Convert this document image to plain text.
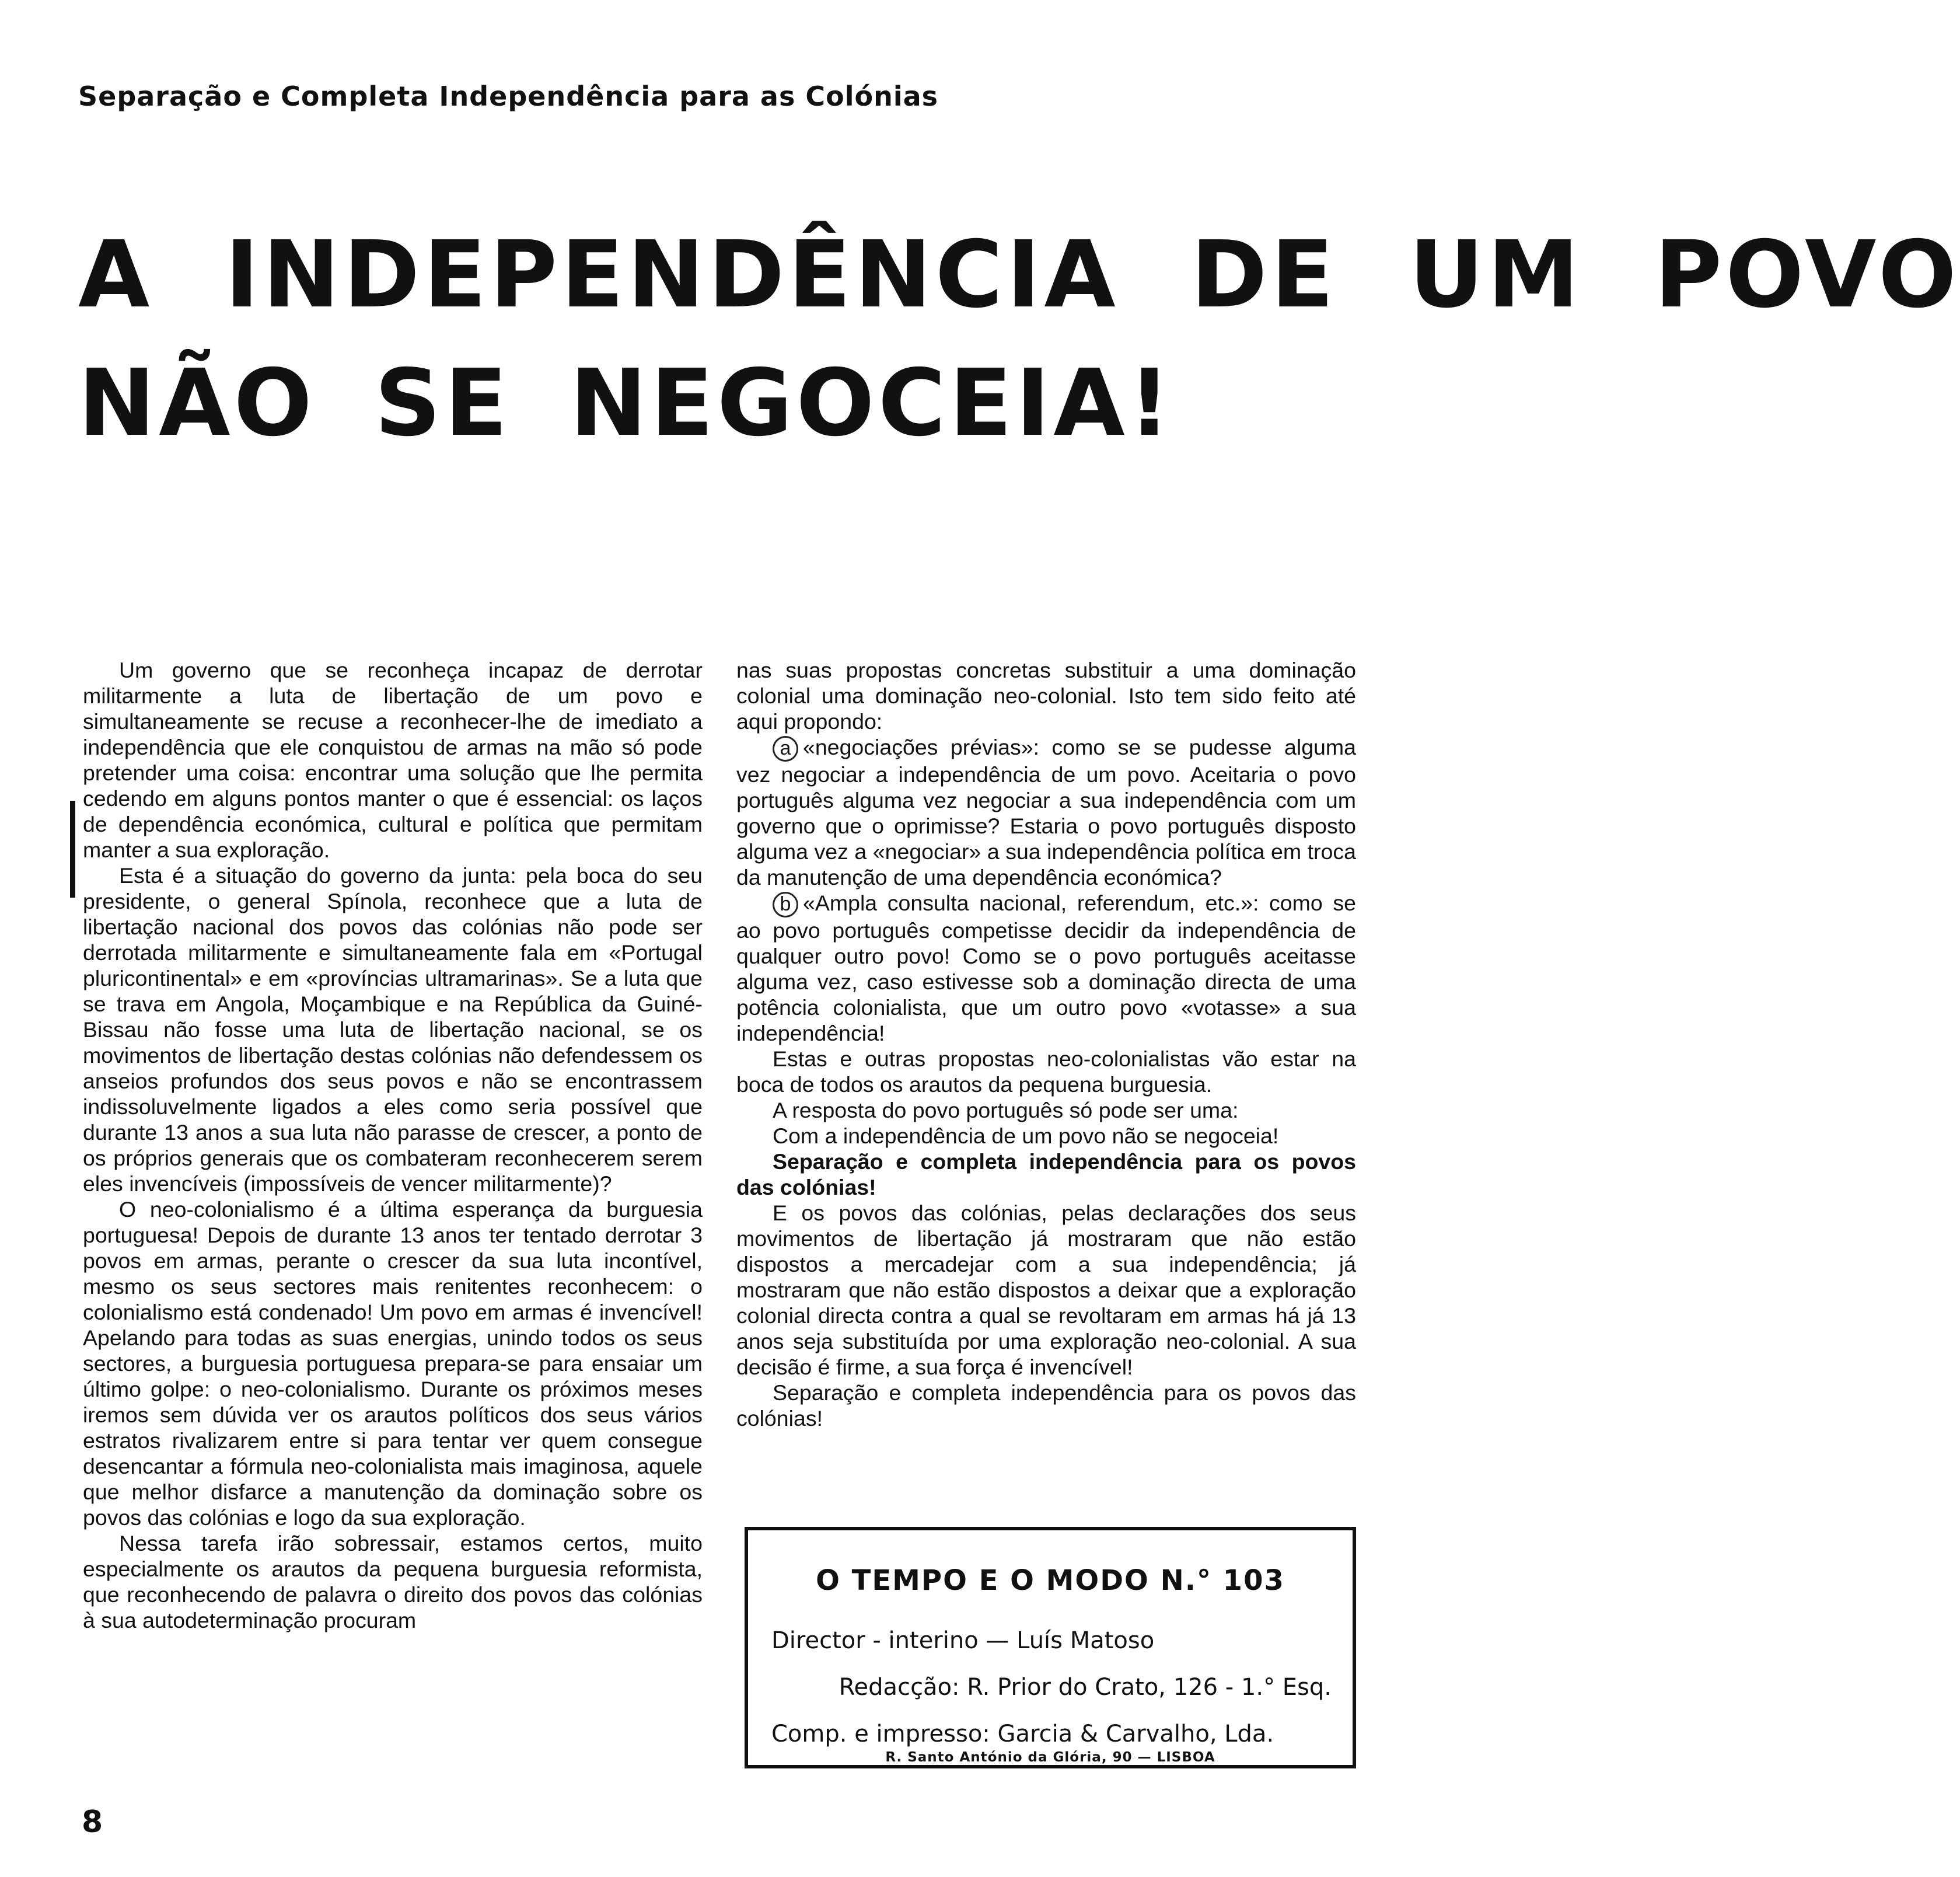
Separação e Completa Independência para as Colónias
A INDEPENDÊNCIA DE UM POVO
NÃO SE NEGOCEIA!

Um governo que se reconheça incapaz de derrotar militarmente a luta de libertação de um povo e simultaneamente se recuse a reconhecer-lhe de imediato a independência que ele conquistou de armas na mão só pode pretender uma coisa: encontrar uma solução que lhe permita cedendo em alguns pontos manter o que é essencial: os laços de dependência económica, cultural e política que permitam manter a sua exploração.

Esta é a situação do governo da junta: pela boca do seu presidente, o general Spínola, reconhece que a luta de libertação nacional dos povos das colónias não pode ser derrotada militarmente e simultaneamente fala em «Portugal pluricontinental» e em «províncias ultramarinas». Se a luta que se trava em Angola, Moçambique e na República da Guiné-Bissau não fosse uma luta de libertação nacional, se os movimentos de libertação destas colónias não defendessem os anseios profundos dos seus povos e não se encontrassem indissoluvelmente ligados a eles como seria possível que durante 13 anos a sua luta não parasse de crescer, a ponto de os próprios generais que os combateram reconhecerem serem eles invencíveis (impossíveis de vencer militarmente)?

O neo-colonialismo é a última esperança da burguesia portuguesa! Depois de durante 13 anos ter tentado derrotar 3 povos em armas, perante o crescer da sua luta incontível, mesmo os seus sectores mais renitentes reconhecem: o colonialismo está condenado! Um povo em armas é invencível! Apelando para todas as suas energias, unindo todos os seus sectores, a burguesia portuguesa prepara-se para ensaiar um último golpe: o neo-colonialismo. Durante os próximos meses iremos sem dúvida ver os arautos políticos dos seus vários estratos rivalizarem entre si para tentar ver quem consegue desencantar a fórmula neo-colonialista mais imaginosa, aquele que melhor disfarce a manutenção da dominação sobre os povos das colónias e logo da sua exploração.

Nessa tarefa irão sobressair, estamos certos, muito especialmente os arautos da pequena burguesia reformista, que reconhecendo de palavra o direito dos povos das colónias à sua autodeterminação procuram

nas suas propostas concretas substituir a uma dominação colonial uma dominação neo-colonial. Isto tem sido feito até aqui propondo:

a «negociações prévias»: como se se pudesse alguma vez negociar a independência de um povo. Aceitaria o povo português alguma vez negociar a sua independência com um governo que o oprimisse? Estaria o povo português disposto alguma vez a «negociar» a sua independência política em troca da manutenção de uma dependência económica?

b «Ampla consulta nacional, referendum, etc.»: como se ao povo português competisse decidir da independência de qualquer outro povo! Como se o povo português aceitasse alguma vez, caso estivesse sob a dominação directa de uma potência colonialista, que um outro povo «votasse» a sua independência!

Estas e outras propostas neo-colonialistas vão estar na boca de todos os arautos da pequena burguesia.

A resposta do povo português só pode ser uma:

Com a independência de um povo não se negoceia!

Separação e completa independência para os povos das colónias!

E os povos das colónias, pelas declarações dos seus movimentos de libertação já mostraram que não estão dispostos a mercadejar com a sua independência; já mostraram que não estão dispostos a deixar que a exploração colonial directa contra a qual se revoltaram em armas há já 13 anos seja substituída por uma exploração neo-colonial. A sua decisão é firme, a sua força é invencível!

Separação e completa independência para os povos das colónias!

O TEMPO E O MODO N.° 103
Director - interino — Luís Matoso
Redacção: R. Prior do Crato, 126 - 1.° Esq.
Comp. e impresso: Garcia & Carvalho, Lda.
R. Santo António da Glória, 90 — LISBOA
8
